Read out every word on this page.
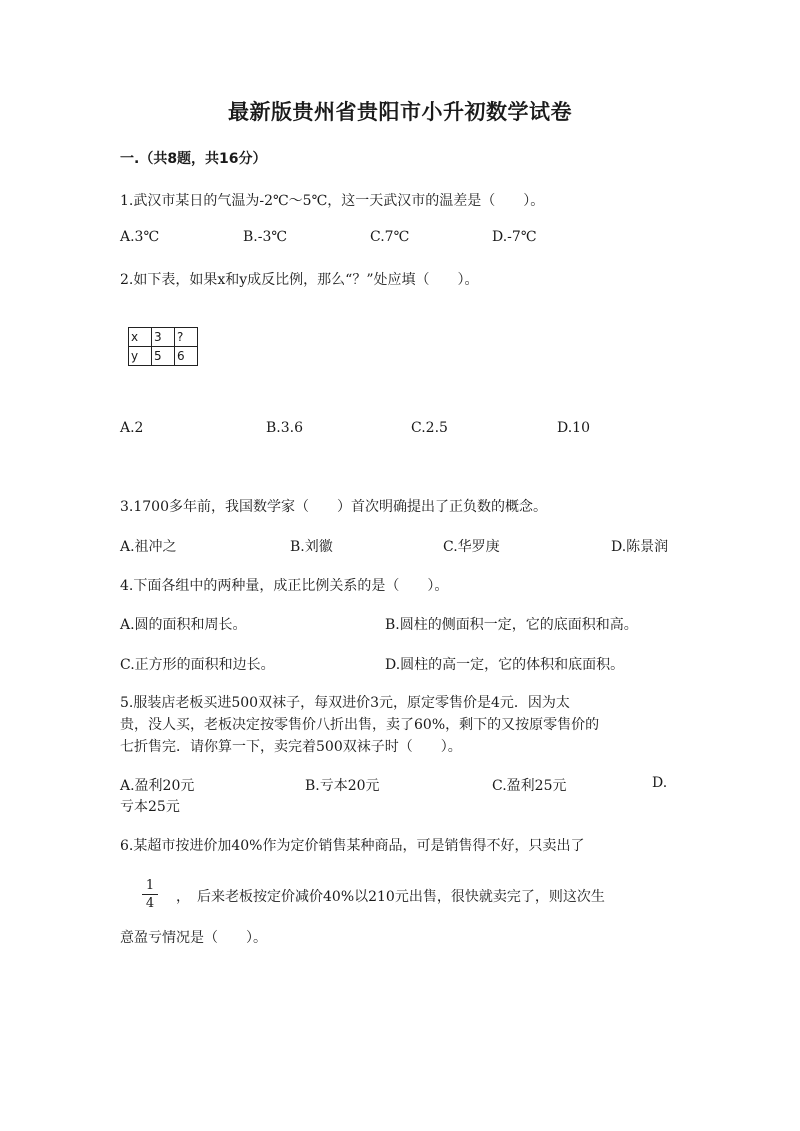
最新版贵州省贵阳市小升初数学试卷
一.（共8题，共16分）
1.武汉市某日的气温为-2℃～5℃，这一天武汉市的温差是（　　）。
A.3℃	B.-3℃	C.7℃	D.-7℃
2.如下表，如果x和y成反比例，那么“？”处应填（　　）。
x	3	?
y	5	6
A.2	B.3.6	C.2.5	D.10
3.1700多年前，我国数学家（　　）首次明确提出了正负数的概念。
A.祖冲之	B.刘徽	C.华罗庚	D.陈景润
4.下面各组中的两种量，成正比例关系的是（　　）。
A.圆的面积和周长。	B.圆柱的侧面积一定，它的底面积和高。
C.正方形的面积和边长。	D.圆柱的高一定，它的体积和底面积。
5.服装店老板买进500双袜子，每双进价3元，原定零售价是4元．因为太
贵，没人买，老板决定按零售价八折出售，卖了60%，剩下的又按原零售价的
七折售完．请你算一下，卖完着500双袜子时（　　）。
A.盈利20元	B.亏本20元	C.盈利25元	D.
亏本25元
6.某超市按进价加40%作为定价销售某种商品，可是销售得不好，只卖出了
1
4	，　后来老板按定价减价40%以210元出售，很快就卖完了，则这次生
意盈亏情况是（　　）。
